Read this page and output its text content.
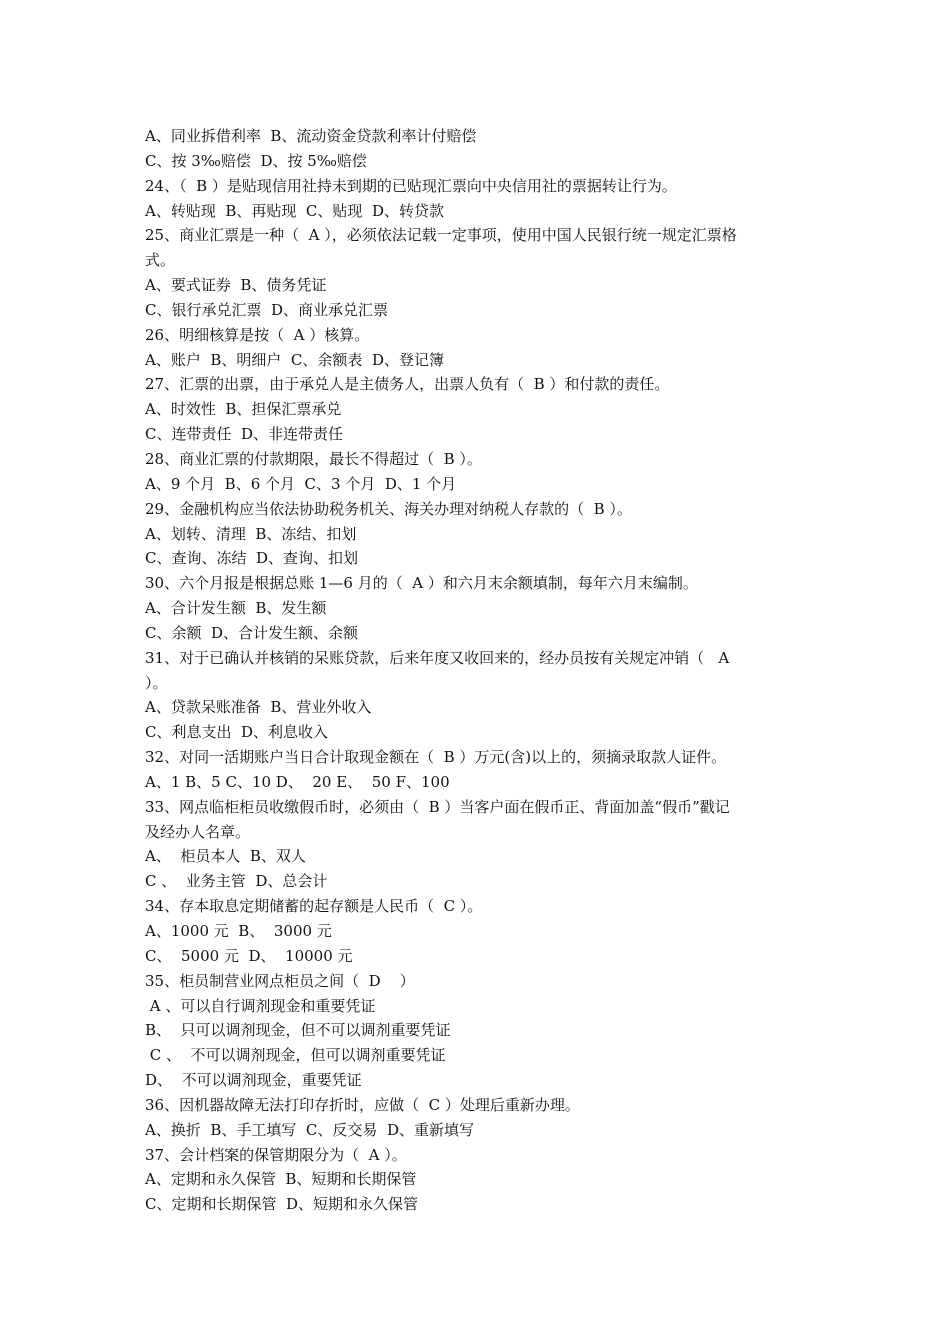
A、同业拆借利率  B、流动资金贷款利率计付赔偿
C、按 3‰赔偿  D、按 5‰赔偿
24、（  B ）是贴现信用社持未到期的已贴现汇票向中央信用社的票据转让行为。
A、转贴现  B、再贴现  C、贴现  D、转贷款
25、商业汇票是一种（  A ），必须依法记载一定事项，使用中国人民银行统一规定汇票格
式。
A、要式证券  B、债务凭证
C、银行承兑汇票  D、商业承兑汇票
26、明细核算是按（  A ）核算。
A、账户  B、明细户  C、余额表  D、登记簿
27、汇票的出票，由于承兑人是主债务人，出票人负有（  B ）和付款的责任。
A、时效性  B、担保汇票承兑
C、连带责任  D、非连带责任
28、商业汇票的付款期限，最长不得超过（  B ）。
A、9 个月  B、6 个月  C、3 个月  D、1 个月
29、金融机构应当依法协助税务机关、海关办理对纳税人存款的（  B ）。
A、划转、清理  B、冻结、扣划
C、查询、冻结  D、查询、扣划
30、六个月报是根据总账 1—6 月的（  A ）和六月末余额填制，每年六月末编制。
A、合计发生额  B、发生额
C、余额  D、合计发生额、余额
31、对于已确认并核销的呆账贷款，后来年度又收回来的，经办员按有关规定冲销（   A
）。
A、贷款呆账准备  B、营业外收入
C、利息支出  D、利息收入
32、对同一活期账户当日合计取现金额在（  B ）万元(含)以上的，须摘录取款人证件。
A、1 B、5 C、10 D、  20 E、  50 F、100
33、网点临柜柜员收缴假币时，必须由（  B ）当客户面在假币正、背面加盖“假币”戳记
及经办人名章。
A、  柜员本人  B、双人
C 、  业务主管  D、总会计
34、存本取息定期储蓄的起存额是人民币（  C ）。
A、1000 元  B、  3000 元
C、  5000 元  D、  10000 元
35、柜员制营业网点柜员之间（  D    ）
A 、可以自行调剂现金和重要凭证
B、  只可以调剂现金，但不可以调剂重要凭证
C 、  不可以调剂现金，但可以调剂重要凭证
D、  不可以调剂现金，重要凭证
36、因机器故障无法打印存折时，应做（  C ）处理后重新办理。
A、换折  B、手工填写  C、反交易  D、重新填写
37、会计档案的保管期限分为（  A ）。
A、定期和永久保管  B、短期和长期保管
C、定期和长期保管  D、短期和永久保管
